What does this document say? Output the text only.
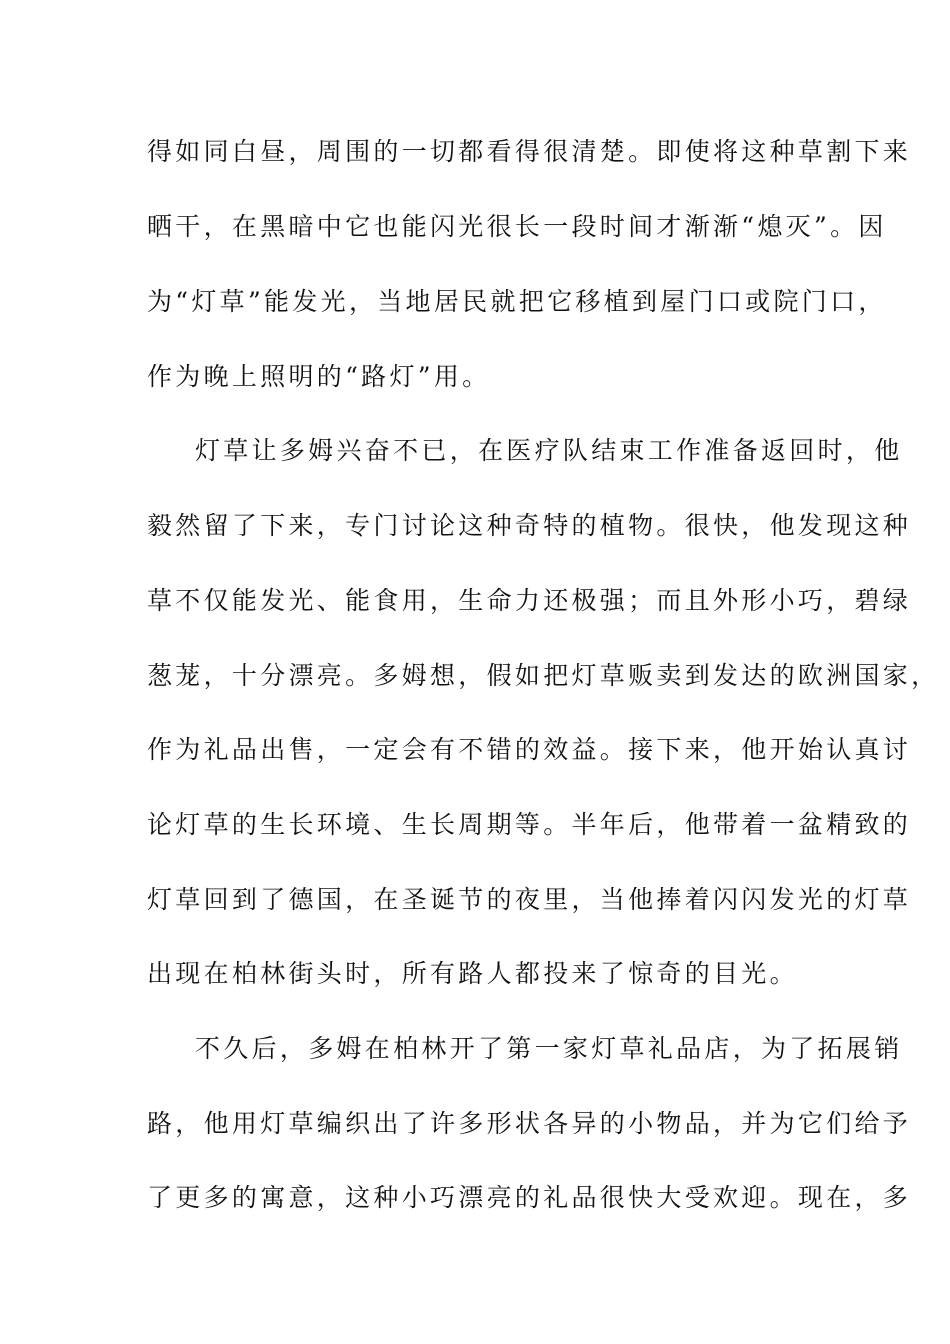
得如同白昼，周围的一切都看得很清楚。即使将这种草割下来
晒干，在黑暗中它也能闪光很长一段时间才渐渐“熄灭”。因
为“灯草”能发光，当地居民就把它移植到屋门口或院门口，
作为晚上照明的“路灯”用。
灯草让多姆兴奋不已，在医疗队结束工作准备返回时，他
毅然留了下来，专门讨论这种奇特的植物。很快，他发现这种
草不仅能发光、能食用，生命力还极强；而且外形小巧，碧绿
葱茏，十分漂亮。多姆想，假如把灯草贩卖到发达的欧洲国家，
作为礼品出售，一定会有不错的效益。接下来，他开始认真讨
论灯草的生长环境、生长周期等。半年后，他带着一盆精致的
灯草回到了德国，在圣诞节的夜里，当他捧着闪闪发光的灯草
出现在柏林街头时，所有路人都投来了惊奇的目光。
不久后，多姆在柏林开了第一家灯草礼品店，为了拓展销
路，他用灯草编织出了许多形状各异的小物品，并为它们给予
了更多的寓意，这种小巧漂亮的礼品很快大受欢迎。现在，多
